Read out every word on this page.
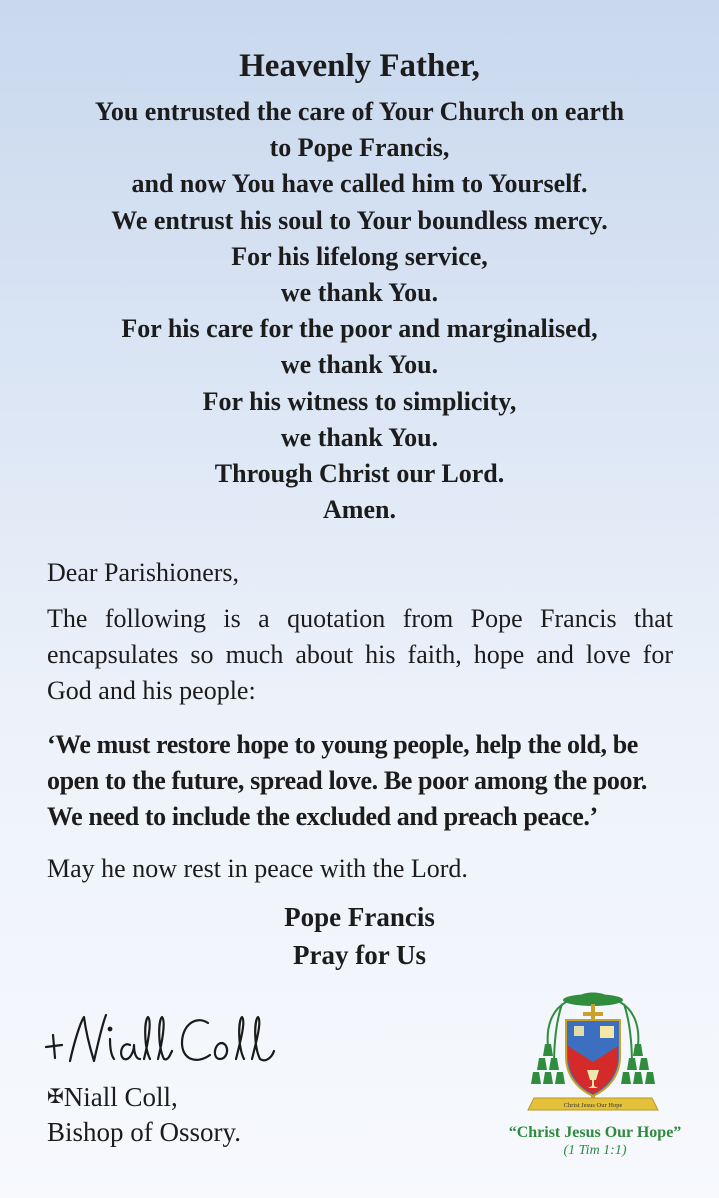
Heavenly Father,
You entrusted the care of Your Church on earth
to Pope Francis,
and now You have called him to Yourself.
We entrust his soul to Your boundless mercy.
For his lifelong service,
we thank You.
For his care for the poor and marginalised,
we thank You.
For his witness to simplicity,
we thank You.
Through Christ our Lord.
Amen.

Dear Parishioners,

The following is a quotation from Pope Francis that encapsulates so much about his faith, hope and love for God and his people:

‘We must restore hope to young people, help the old, be open to the future, spread love. Be poor among the poor. We need to include the excluded and preach peace.’

May he now rest in peace with the Lord.

Pope Francis
Pray for Us
✠Niall Coll,
Bishop of Ossory.
Christ Jesus Our Hope
“Christ Jesus Our Hope”
(1 Tim 1:1)
